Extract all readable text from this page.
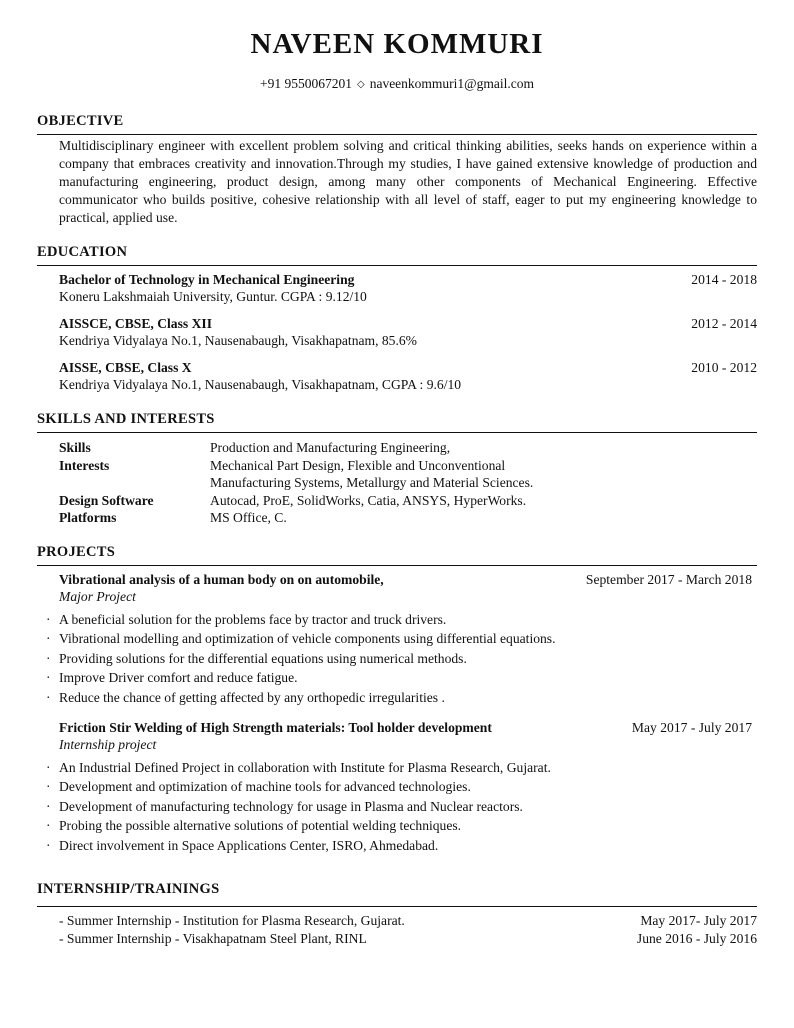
NAVEEN KOMMURI
+91 9550067201 ◇ naveenkommuri1@gmail.com
OBJECTIVE
Multidisciplinary engineer with excellent problem solving and critical thinking abilities, seeks hands on experience within a company that embraces creativity and innovation.Through my studies, I have gained extensive knowledge of production and manufacturing engineering, product design, among many other components of Mechanical Engineering. Effective communicator who builds positive, cohesive relationship with all level of staff, eager to put my engineering knowledge to practical, applied use.
EDUCATION
Bachelor of Technology in Mechanical Engineering	2014 - 2018
Koneru Lakshmaiah University, Guntur. CGPA : 9.12/10
AISSCE, CBSE, Class XII	2012 - 2014
Kendriya Vidyalaya No.1, Nausenabaugh, Visakhapatnam, 85.6%
AISSE, CBSE, Class X	2010 - 2012
Kendriya Vidyalaya No.1, Nausenabaugh, Visakhapatnam, CGPA : 9.6/10
SKILLS AND INTERESTS
Skills	Production and Manufacturing Engineering,
Interests	Mechanical Part Design, Flexible and Unconventional
Manufacturing Systems, Metallurgy and Material Sciences.
Design Software	Autocad, ProE, SolidWorks, Catia, ANSYS, HyperWorks.
Platforms	MS Office, C.
PROJECTS
Vibrational analysis of a human body on on automobile,	September 2017 - March 2018
Major Project
· A beneficial solution for the problems face by tractor and truck drivers.
· Vibrational modelling and optimization of vehicle components using differential equations.
· Providing solutions for the differential equations using numerical methods.
· Improve Driver comfort and reduce fatigue.
· Reduce the chance of getting affected by any orthopedic irregularities .
Friction Stir Welding of High Strength materials: Tool holder development	May 2017 - July 2017
Internship project
· An Industrial Defined Project in collaboration with Institute for Plasma Research, Gujarat.
· Development and optimization of machine tools for advanced technologies.
· Development of manufacturing technology for usage in Plasma and Nuclear reactors.
· Probing the possible alternative solutions of potential welding techniques.
· Direct involvement in Space Applications Center, ISRO, Ahmedabad.
INTERNSHIP/TRAININGS
- Summer Internship - Institution for Plasma Research, Gujarat.	May 2017- July 2017
- Summer Internship - Visakhapatnam Steel Plant, RINL	June 2016 - July 2016
